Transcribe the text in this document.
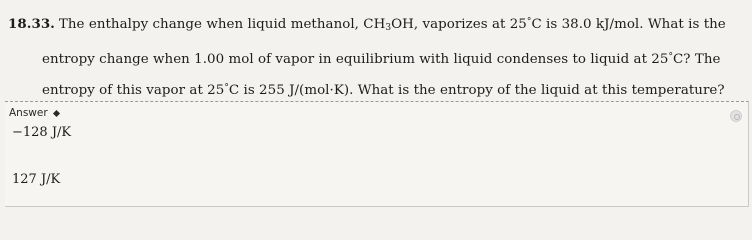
18.33. The enthalpy change when liquid methanol, $CH_3OH$, vaporizes at 25°C is 38.0 kJ/mol. What is the
entropy change when 1.00 mol of vapor in equilibrium with liquid condenses to liquid at 25°C? The
entropy of this vapor at 25°C is 255 J/(mol·K). What is the entropy of the liquid at this temperature?
Answer
−128 J/K
127 J/K
